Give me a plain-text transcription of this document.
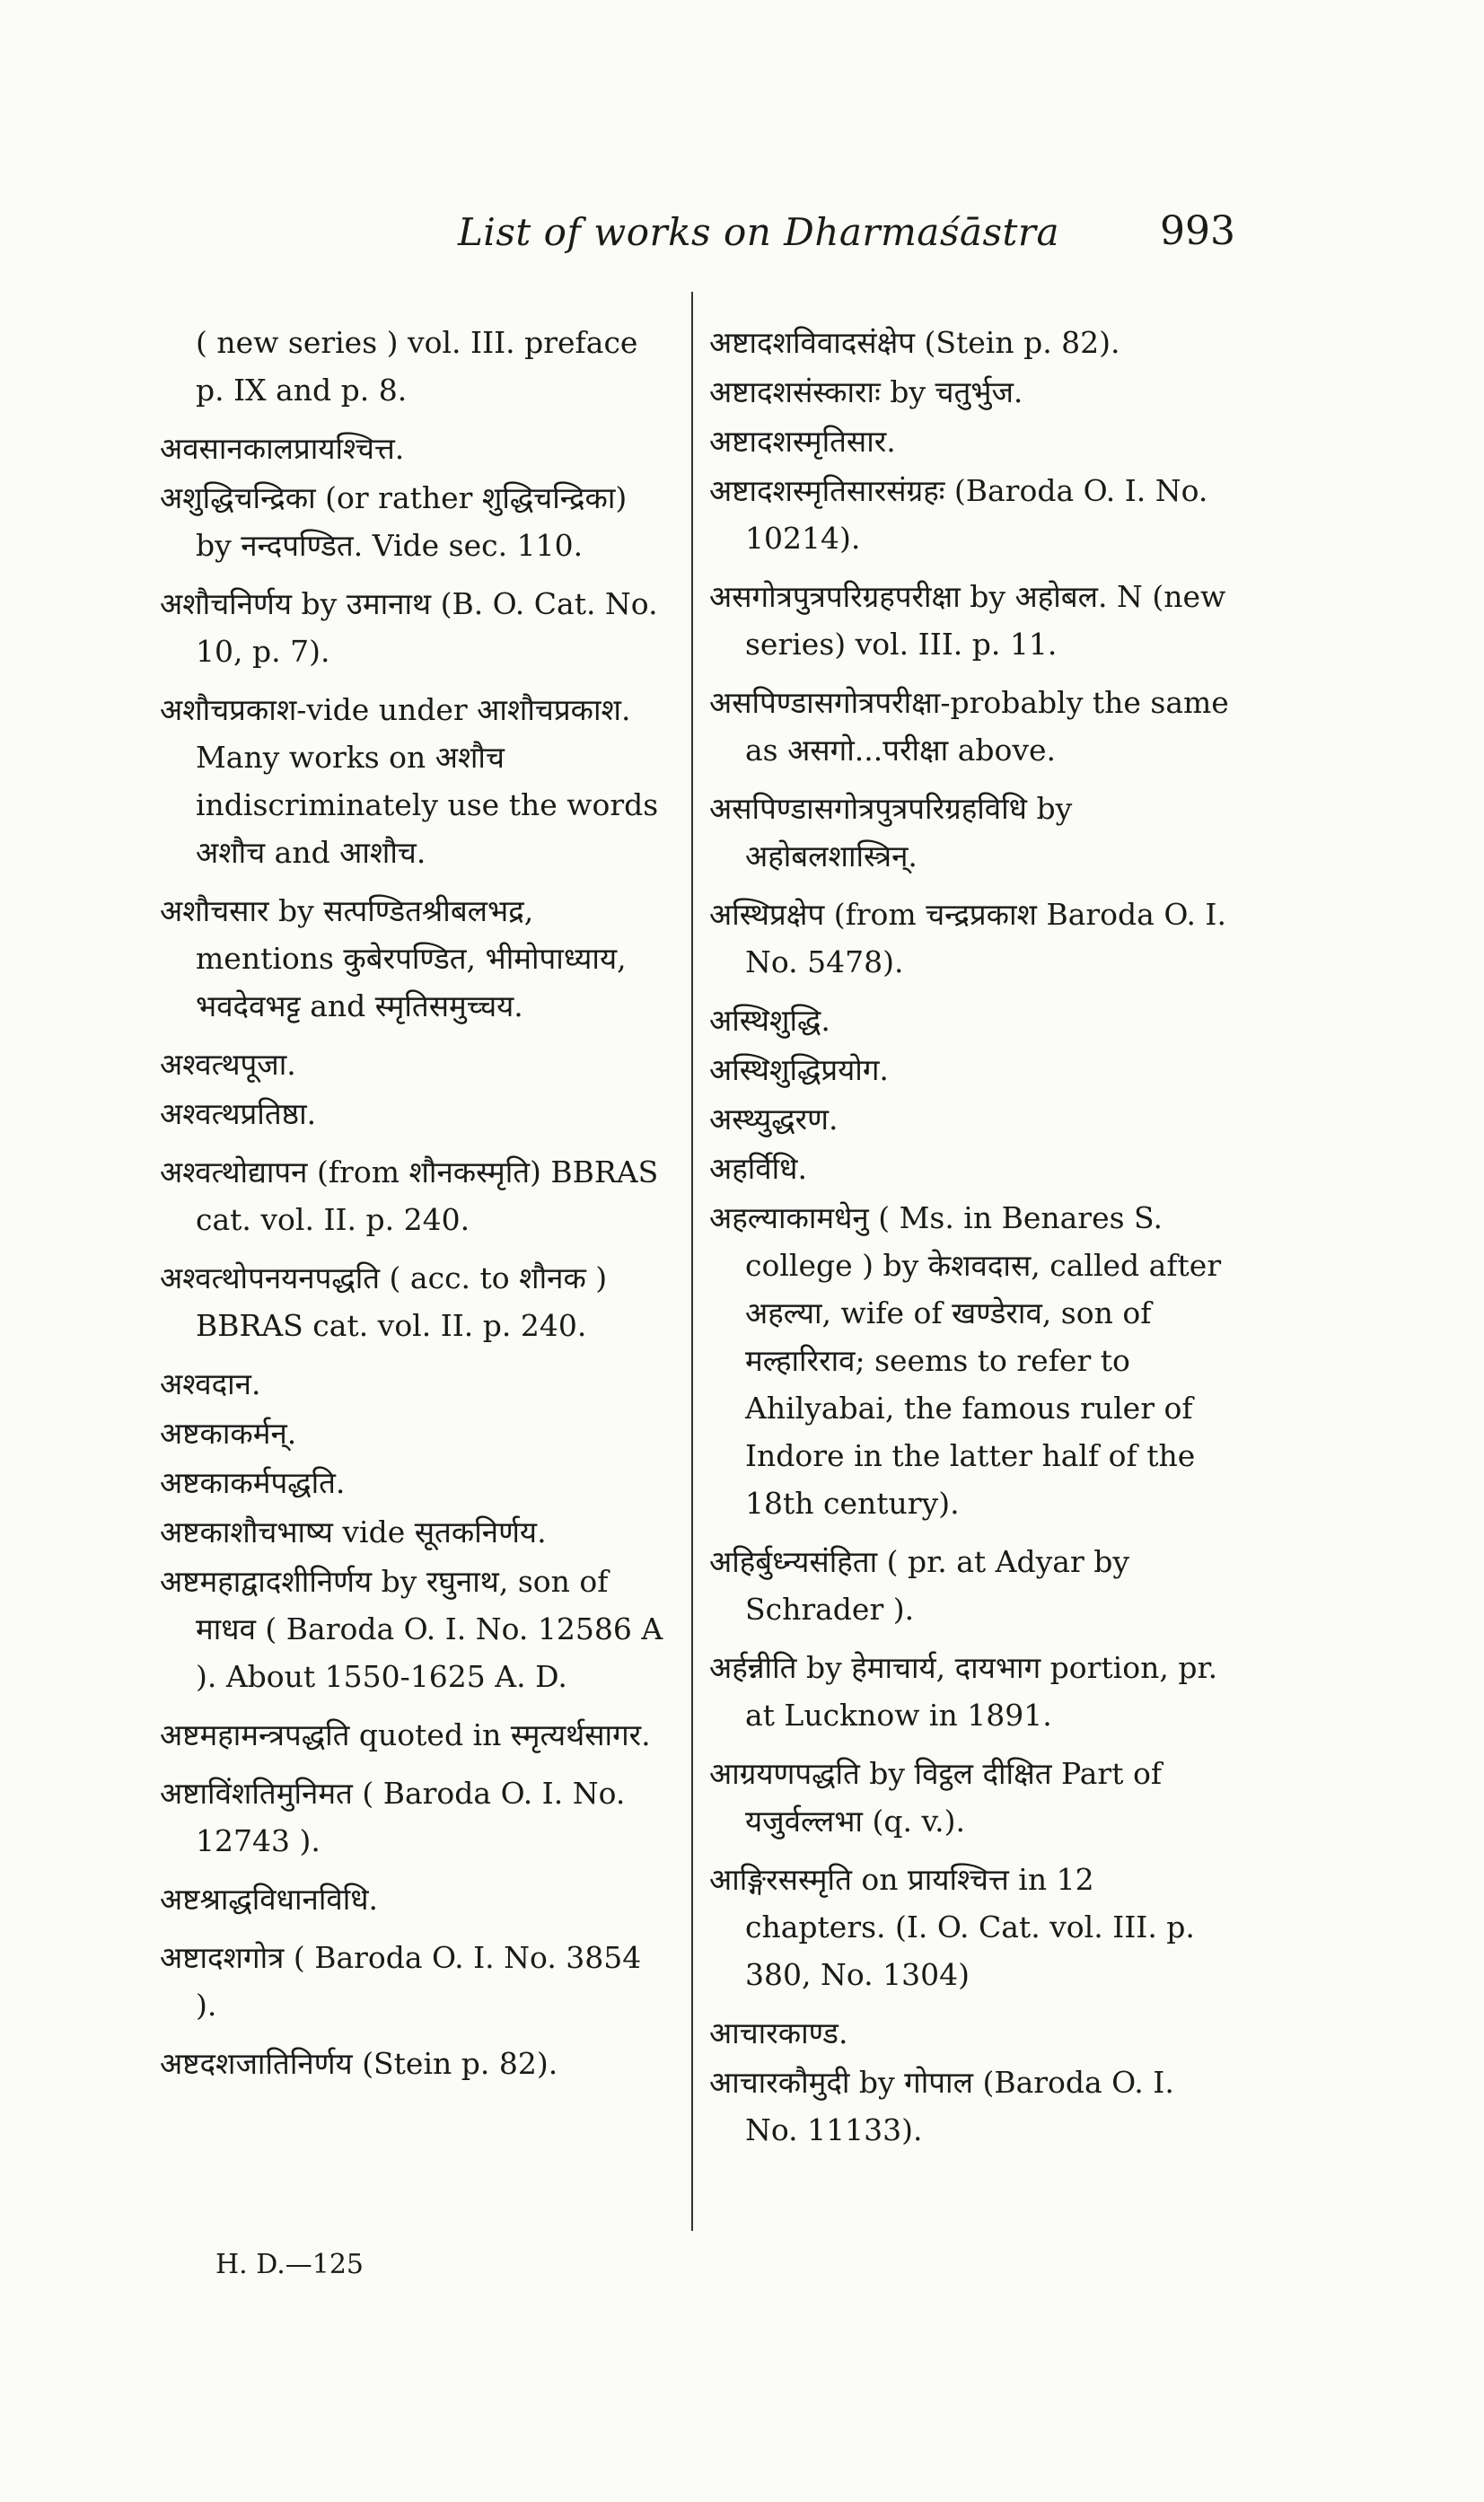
List of works on Dharmaśāstra	993
( new series ) vol. III. preface p. IX and p. 8.
अवसानकालप्रायश्चित्त.
अशुद्धिचन्द्रिका (or rather शुद्धिचन्द्रिका) by नन्दपण्डित. Vide sec. 110.
अशौचनिर्णय by उमानाथ (B. O. Cat. No. 10, p. 7).
अशौचप्रकाश-vide under आशौचप्रकाश. Many works on अशौच indiscriminately use the words अशौच and आशौच.
अशौचसार by सत्पण्डितश्रीबलभद्र, mentions कुबेरपण्डित, भीमोपाध्याय, भवदेवभट्ट and स्मृतिसमुच्चय.
अश्वत्थपूजा.
अश्वत्थप्रतिष्ठा.
अश्वत्थोद्यापन (from शौनकस्मृति) BBRAS cat. vol. II. p. 240.
अश्वत्थोपनयनपद्धति ( acc. to शौनक ) BBRAS cat. vol. II. p. 240.
अश्वदान.
अष्टकाकर्मन्.
अष्टकाकर्मपद्धति.
अष्टकाशौचभाष्य vide सूतकनिर्णय.
अष्टमहाद्वादशीनिर्णय by रघुनाथ, son of माधव ( Baroda O. I. No. 12586 A ). About 1550-1625 A. D.
अष्टमहामन्त्रपद्धति quoted in स्मृत्यर्थसागर.
अष्टाविंशतिमुनिमत ( Baroda O. I. No. 12743 ).
अष्टश्राद्धविधानविधि.
अष्टादशगोत्र ( Baroda O. I. No. 3854 ).
अष्टदशजातिनिर्णय (Stein p. 82).
अष्टादशविवादसंक्षेप (Stein p. 82).
अष्टादशसंस्काराः by चतुर्भुज.
अष्टादशस्मृतिसार.
अष्टादशस्मृतिसारसंग्रहः (Baroda O. I. No. 10214).
असगोत्रपुत्रपरिग्रहपरीक्षा by अहोबल. N (new series) vol. III. p. 11.
असपिण्डासगोत्रपरीक्षा-probably the same as असगो...परीक्षा above.
असपिण्डासगोत्रपुत्रपरिग्रहविधि by अहोबलशास्त्रिन्.
अस्थिप्रक्षेप (from चन्द्रप्रकाश Baroda O. I. No. 5478).
अस्थिशुद्धि.
अस्थिशुद्धिप्रयोग.
अस्थ्युद्धरण.
अहर्विधि.
अहल्याकामधेनु ( Ms. in Benares S. college ) by केशवदास, called after अहल्या, wife of खण्डेराव, son of मल्हारिराव; seems to refer to Ahilyabai, the famous ruler of Indore in the latter half of the 18th century).
अहिर्बुध्न्यसंहिता ( pr. at Adyar by Schrader ).
अर्हन्नीति by हेमाचार्य, दायभाग portion, pr. at Lucknow in 1891.
आग्रयणपद्धति by विट्ठल दीक्षित Part of यजुर्वल्लभा (q. v.).
आङ्गिरसस्मृति on प्रायश्चित्त in 12 chapters. (I. O. Cat. vol. III. p. 380, No. 1304)
आचारकाण्ड.
आचारकौमुदी by गोपाल (Baroda O. I. No. 11133).
H. D.—125
